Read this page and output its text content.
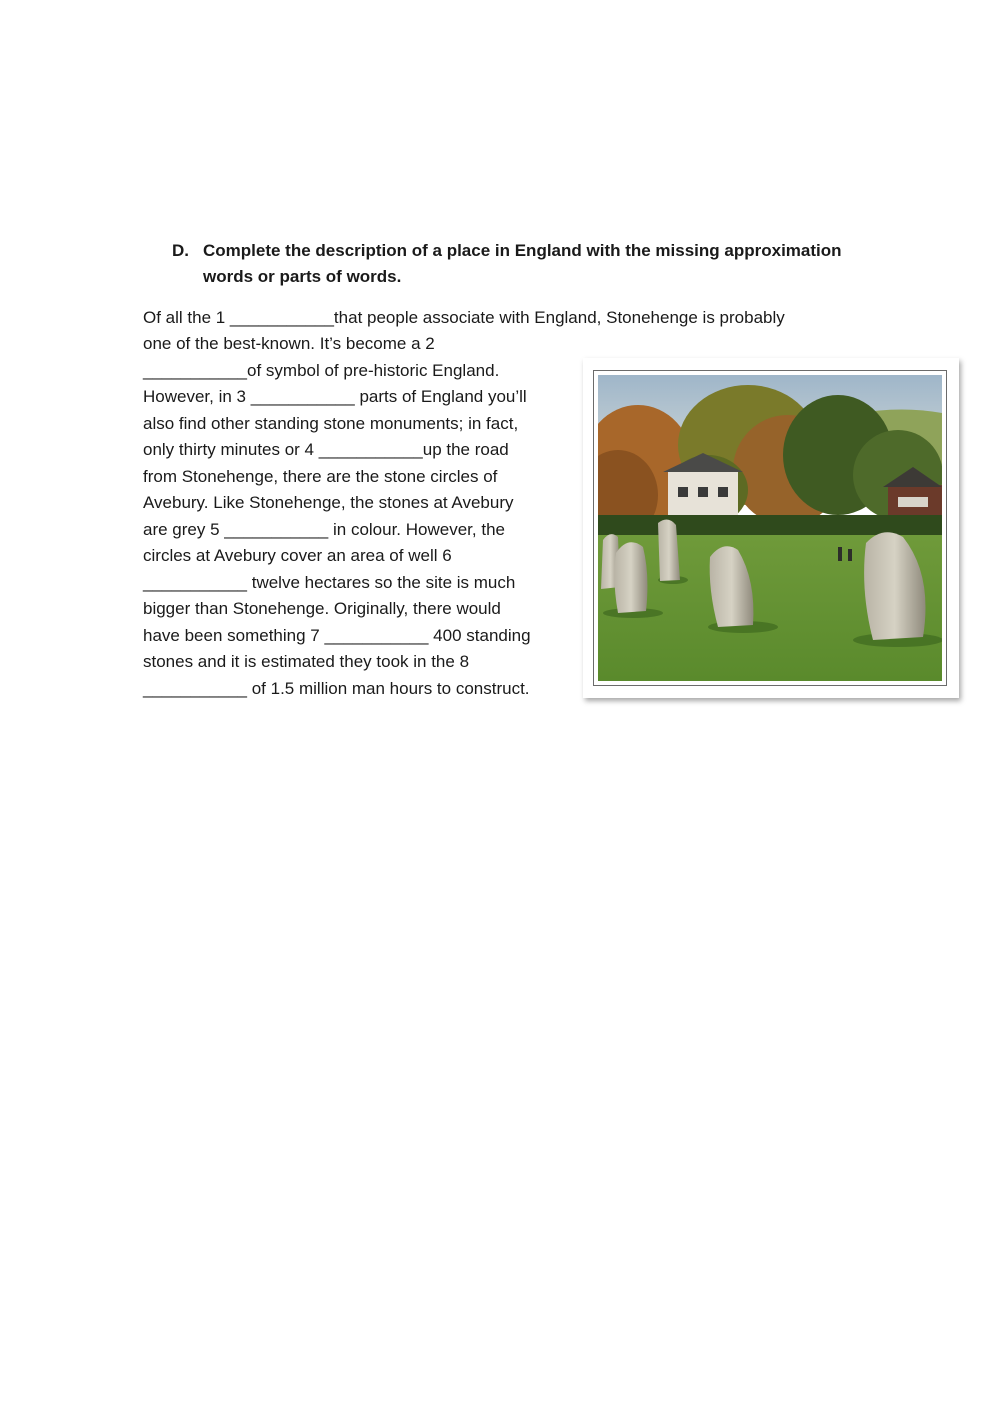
D. Complete the description of a place in England with the missing approximation words or parts of words.
Of all the 1 ___________that people associate with England, Stonehenge is probably
one of the best-known. It’s become a 2
___________of symbol of pre-historic England.
However, in 3 ___________ parts of England you’ll
also find other standing stone monuments; in fact,
only thirty minutes or 4 ___________up the road
from Stonehenge, there are the stone circles of
Avebury. Like Stonehenge, the stones at Avebury
are grey 5 ___________ in colour. However, the
circles at Avebury cover an area of well 6
___________ twelve hectares so the site is much
bigger than Stonehenge. Originally, there would
have been something 7 ___________ 400 standing
stones and it is estimated they took in the 8
___________ of 1.5 million man hours to construct.
